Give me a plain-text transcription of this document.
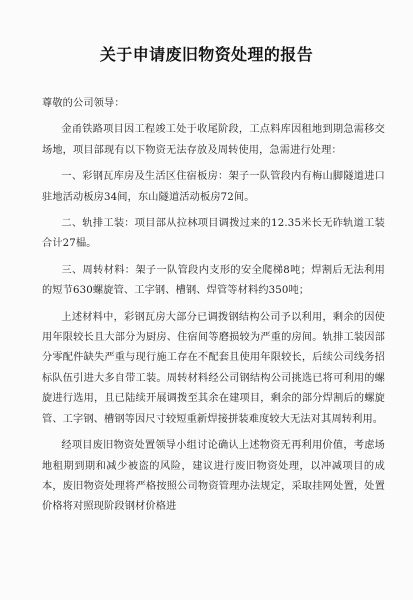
关于申请废旧物资处理的报告

尊敬的公司领导：

金甬铁路项目因工程竣工处于收尾阶段，工点料库因租地到期急需移交场地，项目部现有以下物资无法存放及周转使用，急需进行处理：

一、彩钢瓦库房及生活区住宿板房：架子一队管段内有梅山脚隧道进口驻地活动板房34间，东山隧道活动板房72间。

二、轨排工装：项目部从拉林项目调拨过来的12.35米长无砟轨道工装合计27榀。

三、周转材料：架子一队管段内支形的安全爬梯8吨；焊割后无法利用的短节630螺旋管、工字钢、槽钢、焊管等材料约350吨；

上述材料中，彩钢瓦房大部分已调拨钢结构公司予以利用，剩余的因使用年限较长且大部分为厨房、住宿间等磨损较为严重的房间。轨排工装因部分零配件缺失严重与现行施工存在不配套且使用年限较长，后续公司线务招标队伍引进大多自带工装。周转材料经公司钢结构公司挑选已将可利用的螺旋进行选用，且已陆续开展调拨至其余在建项目，剩余的部分焊割后的螺旋管、工字钢、槽钢等因尺寸较短重新焊接拼装难度较大无法对其周转利用。

经项目废旧物资处置领导小组讨论确认上述物资无再利用价值，考虑场地租期到期和减少被盗的风险，建议进行废旧物资处理，以冲减项目的成本，废旧物资处理将严格按照公司物资管理办法规定，采取挂网处置，处置价格将对照现阶段钢材价格进
